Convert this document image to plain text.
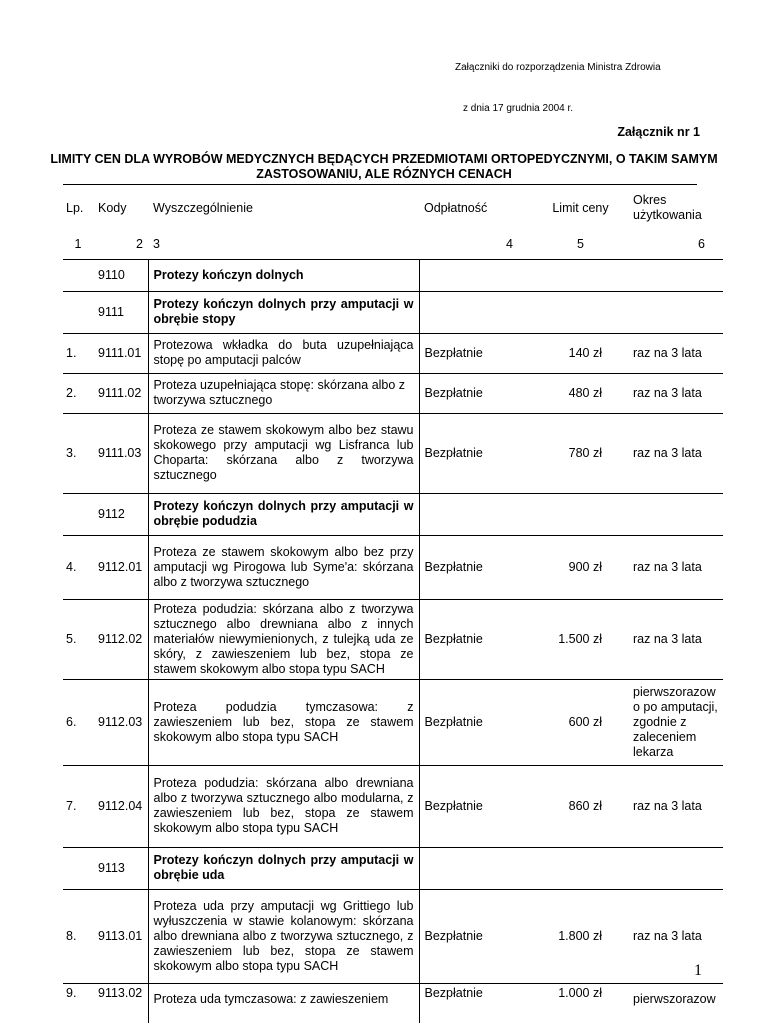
Załączniki do rozporządzenia Ministra Zdrowia
z dnia 17 grudnia 2004 r.
Załącznik nr 1
LIMITY CEN DLA WYROBÓW MEDYCZNYCH BĘDĄCYCH PRZEDMIOTAMI ORTOPEDYCZNYMI, O TAKIM SAMYM ZASTOSOWANIU, ALE RÓZNYCH CENACH
Lp.	Kody	Wyszczególnienie	Odpłatność	Limit ceny	Okres użytkowania
1	2	3	4	5	6
	9110	Protezy kończyn dolnych			
	9111	Protezy kończyn dolnych przy amputacji w obrębie stopy			
1.	9111.01	Protezowa wkładka do buta uzupełniająca stopę po amputacji palców	Bezpłatnie	140 zł	raz na 3 lata
2.	9111.02	Proteza uzupełniająca stopę: skórzana albo z tworzywa sztucznego	Bezpłatnie	480 zł	raz na 3 lata
3.	9111.03	Proteza ze stawem skokowym albo bez stawu skokowego przy amputacji wg Lisfranca lub Choparta: skórzana albo z tworzywa sztucznego	Bezpłatnie	780 zł	raz na 3 lata
	9112	Protezy kończyn dolnych przy amputacji w obrębie podudzia			
4.	9112.01	Proteza ze stawem skokowym albo bez przy amputacji wg Pirogowa lub Syme'a: skórzana albo z tworzywa sztucznego	Bezpłatnie	900 zł	raz na 3 lata
5.	9112.02	Proteza podudzia: skórzana albo z tworzywa sztucznego albo drewniana albo z innych materiałów niewymienionych, z tulejką uda ze skóry, z zawieszeniem lub bez, stopa ze stawem skokowym albo stopa typu SACH	Bezpłatnie	1.500 zł	raz na 3 lata
6.	9112.03	Proteza podudzia tymczasowa: z zawieszeniem lub bez, stopa ze stawem skokowym albo stopa typu SACH	Bezpłatnie	600 zł	pierwszorazow o po amputacji, zgodnie z zaleceniem lekarza
7.	9112.04	Proteza podudzia: skórzana albo drewniana albo z tworzywa sztucznego albo modularna, z zawieszeniem lub bez, stopa ze stawem skokowym albo stopa typu SACH	Bezpłatnie	860 zł	raz na 3 lata
	9113	Protezy kończyn dolnych przy amputacji w obrębie uda			
8.	9113.01	Proteza uda przy amputacji wg Grittiego lub wyłuszczenia w stawie kolanowym: skórzana albo drewniana albo z tworzywa sztucznego, z zawieszeniem lub bez, stopa ze stawem skokowym albo stopa typu SACH	Bezpłatnie	1.800 zł	raz na 3 lata
9.	9113.02	Proteza uda tymczasowa: z zawieszeniem	Bezpłatnie	1.000 zł	pierwszorazow
1
